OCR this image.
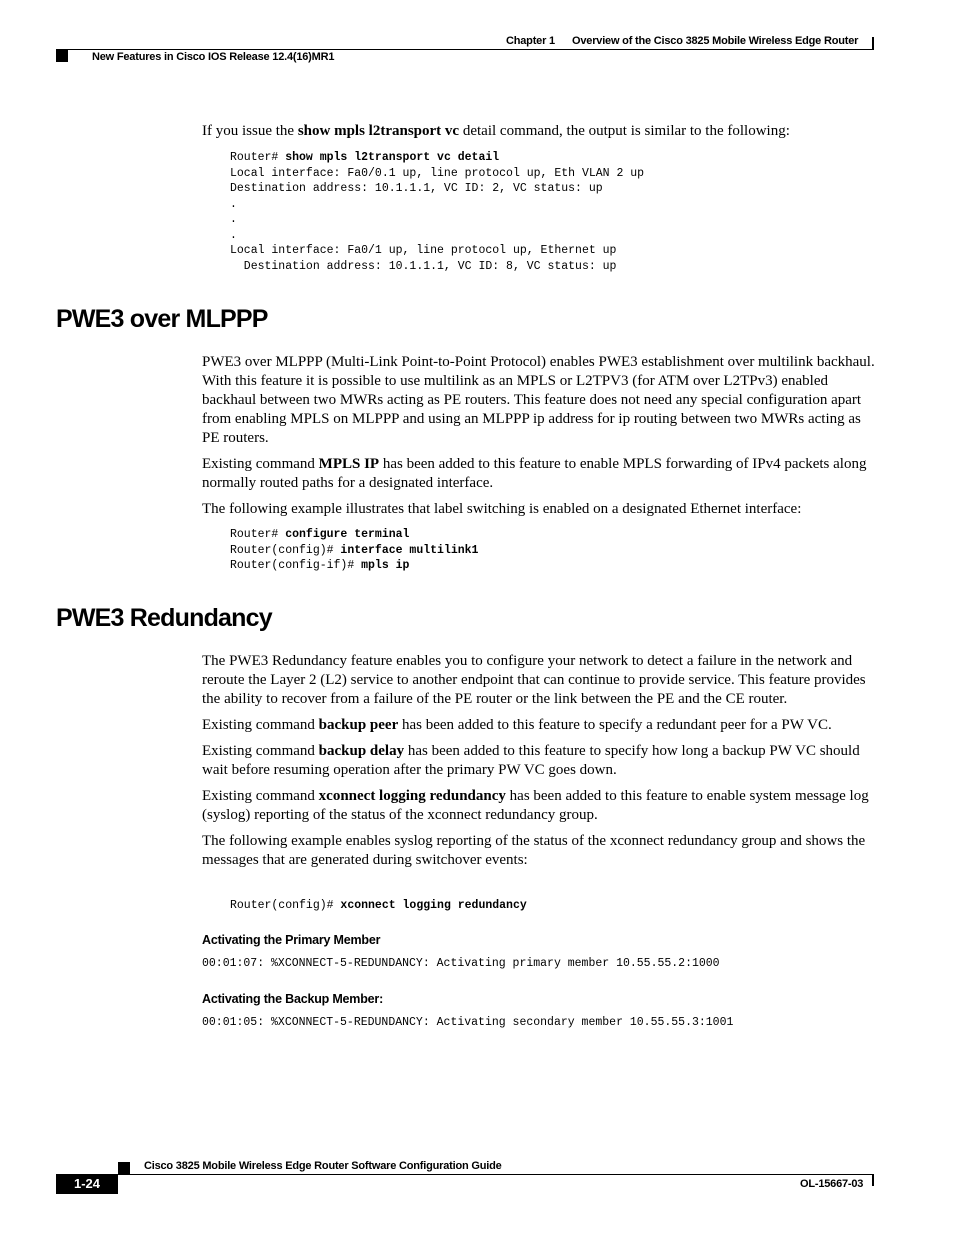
Chapter 1 Overview of the Cisco 3825 Mobile Wireless Edge Router
New Features in Cisco IOS Release 12.4(16)MR1

If you issue the show mpls l2transport vc detail command, the output is similar to the following:

Router# show mpls l2transport vc detail
Local interface: Fa0/0.1 up, line protocol up, Eth VLAN 2 up
Destination address: 10.1.1.1, VC ID: 2, VC status: up
.
.
.
Local interface: Fa0/1 up, line protocol up, Ethernet up
Destination address: 10.1.1.1, VC ID: 8, VC status: up
PWE3 over MLPPP

PWE3 over MLPPP (Multi-Link Point-to-Point Protocol) enables PWE3 establishment over multilink backhaul. With this feature it is possible to use multilink as an MPLS or L2TPV3 (for ATM over L2TPv3) enabled backhaul between two MWRs acting as PE routers. This feature does not need any special configuration apart from enabling MPLS on MLPPP and using an MLPPP ip address for ip routing between two MWRs acting as PE routers.

Existing command MPLS IP has been added to this feature to enable MPLS forwarding of IPv4 packets along normally routed paths for a designated interface.

The following example illustrates that label switching is enabled on a designated Ethernet interface:

Router# configure terminal
Router(config)# interface multilink1
Router(config-if)# mpls ip
PWE3 Redundancy

The PWE3 Redundancy feature enables you to configure your network to detect a failure in the network and reroute the Layer 2 (L2) service to another endpoint that can continue to provide service. This feature provides the ability to recover from a failure of the PE router or the link between the PE and the CE router.

Existing command backup peer has been added to this feature to specify a redundant peer for a PW VC.

Existing command backup delay has been added to this feature to specify how long a backup PW VC should wait before resuming operation after the primary PW VC goes down.

Existing command xconnect logging redundancy has been added to this feature to enable system message log (syslog) reporting of the status of the xconnect redundancy group.

The following example enables syslog reporting of the status of the xconnect redundancy group and shows the messages that are generated during switchover events:

Router(config)# xconnect logging redundancy
Activating the Primary Member
00:01:07: %XCONNECT-5-REDUNDANCY: Activating primary member 10.55.55.2:1000
Activating the Backup Member:
00:01:05: %XCONNECT-5-REDUNDANCY: Activating secondary member 10.55.55.3:1001
Cisco 3825 Mobile Wireless Edge Router Software Configuration Guide
1-24	OL-15667-03
